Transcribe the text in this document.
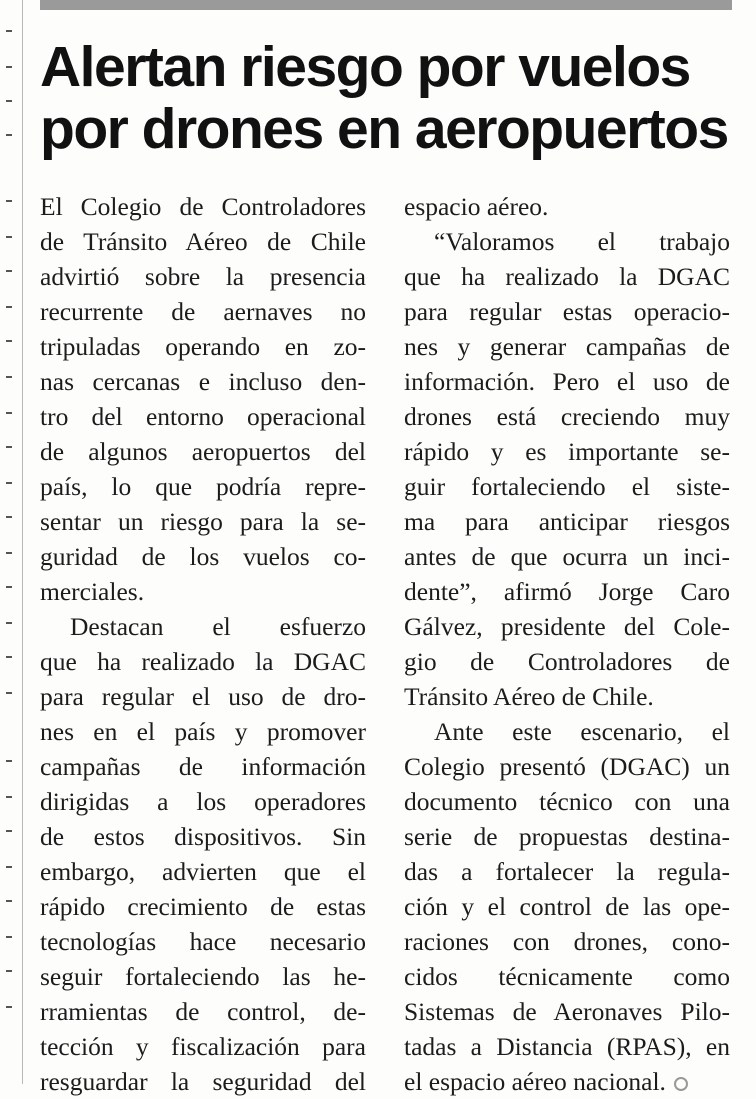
Alertan riesgo por vuelos
por drones en aeropuertos
El Colegio de Controladores
de Tránsito Aéreo de Chile
advirtió sobre la presencia
recurrente de aernaves no
tripuladas operando en zo-
nas cercanas e incluso den-
tro del entorno operacional
de algunos aeropuertos del
país, lo que podría repre-
sentar un riesgo para la se-
guridad de los vuelos co-
merciales.
Destacan el esfuerzo
que ha realizado la DGAC
para regular el uso de dro-
nes en el país y promover
campañas de información
dirigidas a los operadores
de estos dispositivos. Sin
embargo, advierten que el
rápido crecimiento de estas
tecnologías hace necesario
seguir fortaleciendo las he-
rramientas de control, de-
tección y fiscalización para
resguardar la seguridad del
espacio aéreo.
“Valoramos el trabajo
que ha realizado la DGAC
para regular estas operacio-
nes y generar campañas de
información. Pero el uso de
drones está creciendo muy
rápido y es importante se-
guir fortaleciendo el siste-
ma para anticipar riesgos
antes de que ocurra un inci-
dente”, afirmó Jorge Caro
Gálvez, presidente del Cole-
gio de Controladores de
Tránsito Aéreo de Chile.
Ante este escenario, el
Colegio presentó (DGAC) un
documento técnico con una
serie de propuestas destina-
das a fortalecer la regula-
ción y el control de las ope-
raciones con drones, cono-
cidos técnicamente como
Sistemas de Aeronaves Pilo-
tadas a Distancia (RPAS), en
el espacio aéreo nacional.
